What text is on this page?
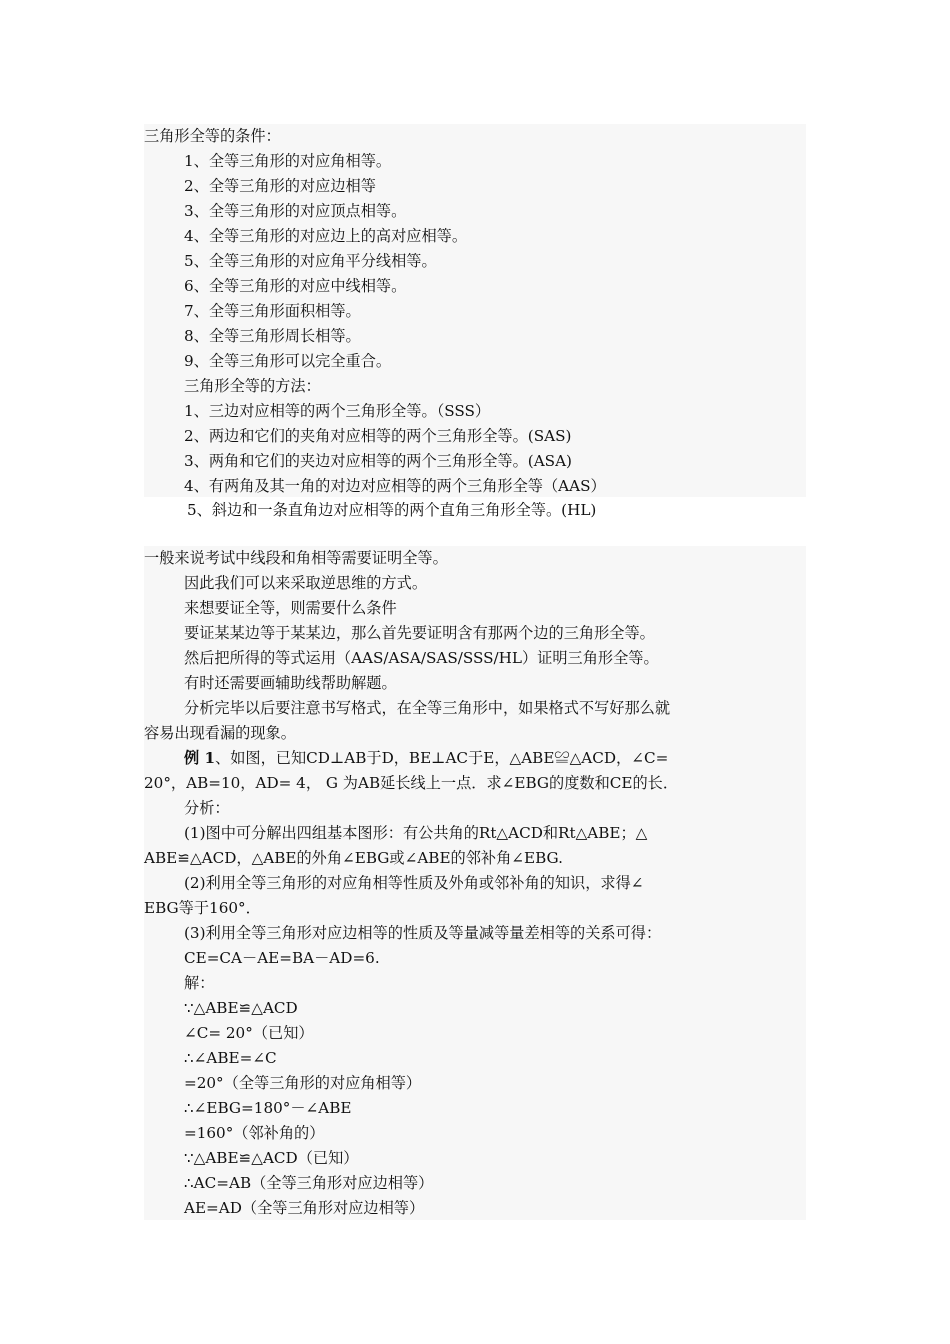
三角形全等的条件：
1、全等三角形的对应角相等。
2、全等三角形的对应边相等
3、全等三角形的对应顶点相等。
4、全等三角形的对应边上的高对应相等。
5、全等三角形的对应角平分线相等。
6、全等三角形的对应中线相等。
7、全等三角形面积相等。
8、全等三角形周长相等。
9、全等三角形可以完全重合。
三角形全等的方法：
1、三边对应相等的两个三角形全等。（SSS）
2、两边和它们的夹角对应相等的两个三角形全等。(SAS)
3、两角和它们的夹边对应相等的两个三角形全等。(ASA)
4、有两角及其一角的对边对应相等的两个三角形全等（AAS）
5、斜边和一条直角边对应相等的两个直角三角形全等。(HL)
一般来说考试中线段和角相等需要证明全等。
因此我们可以来采取逆思维的方式。
来想要证全等，则需要什么条件
要证某某边等于某某边，那么首先要证明含有那两个边的三角形全等。
然后把所得的等式运用（AAS/ASA/SAS/SSS/HL）证明三角形全等。
有时还需要画辅助线帮助解题。
分析完毕以后要注意书写格式，在全等三角形中，如果格式不写好那么就
容易出现看漏的现象。
例 1、如图，已知CD⊥AB于D，BE⊥AC于E，△ABE≌△ACD，∠C=
20°，AB=10，AD= 4， G 为AB延长线上一点．求∠EBG的度数和CE的长．
分析：
(1)图中可分解出四组基本图形：有公共角的Rt△ACD和Rt△ABE；△
ABE≌△ACD，△ABE的外角∠EBG或∠ABE的邻补角∠EBG.
(2)利用全等三角形的对应角相等性质及外角或邻补角的知识，求得∠
EBG等于160°．
(3)利用全等三角形对应边相等的性质及等量减等量差相等的关系可得：
CE=CA－AE=BA－AD=6.
解：
∵△ABE≌△ACD
∠C= 20°（已知）
∴∠ABE=∠C
=20°（全等三角形的对应角相等）
∴∠EBG=180°－∠ABE
=160°（邻补角的）
∵△ABE≌△ACD（已知）
∴AC=AB（全等三角形对应边相等）
AE=AD（全等三角形对应边相等）
